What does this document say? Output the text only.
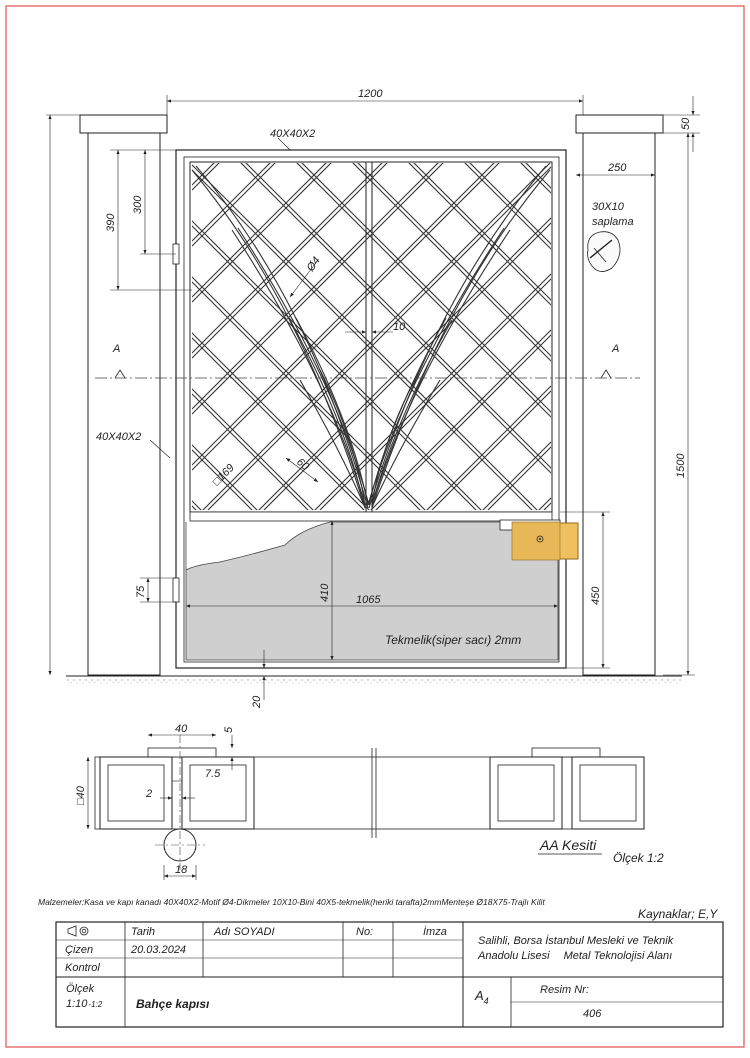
A	A
30X10
saplama
1200
50
250
1500
390
300
40X40X2
40X40X2
Ø4
10
□169	60
75	410 1065	450
20
Tekmelik(siper sacı) 2mm
40	5
7.5
2
□40
18
AA Kesiti
Ölçek 1:2
Malzemeler:Kasa ve kapı kanadı 40X40X2-Motif Ø4-Dikmeler 10X10-Bini 40X5-tekmelik(heriki tarafta)2mmMenteşe Ø18X75-Trajlı Kilit
Kaynaklar; E,Y
Tarih	Adı SOYADI	No:	İmza
Çizen	20.03.2024
Kontrol
Ölçek
1:10-1:2	Bahçe kapısı
Salihli, Borsa İstanbul Mesleki ve Teknik
Anadolu Lisesi Metal Teknolojisi Alanı
$A_4$
Resim Nr:
406
